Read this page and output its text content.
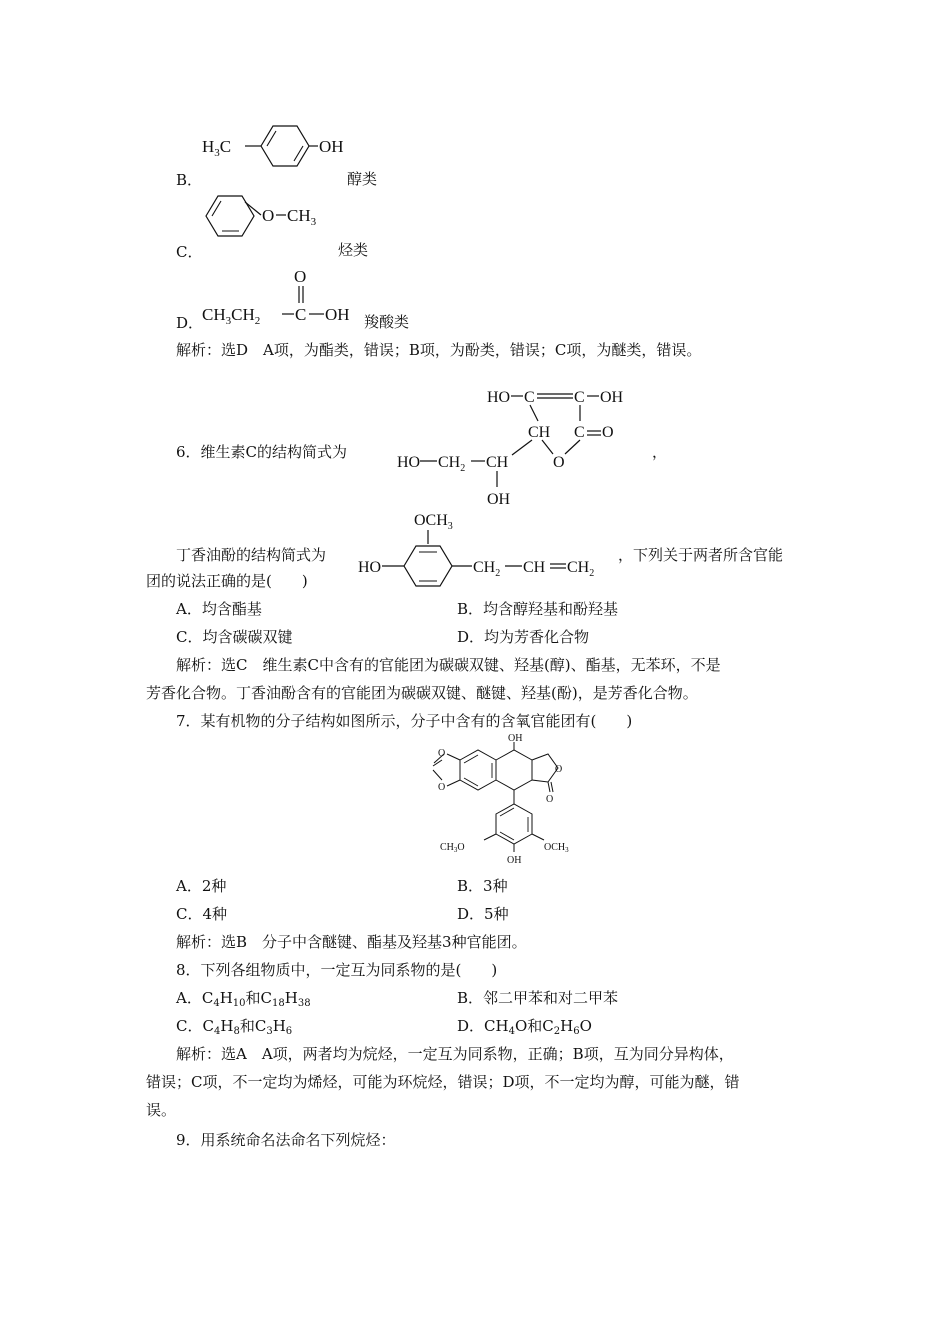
B．
$H_3C$	OH
醇类
C．
O $CH_3$
烃类
D．
$CH_3CH_2$ C
O
OH 羧酸类
解析：选D　A项，为酯类，错误；B项，为酚类，错误；C项，为醚类，错误。
6．维生素C的结构简式为
HO C C OH
CH C O
O
HO $CH_2$ CH
OH
，
丁香油酚的结构简式为
$OCH_3$
HO	$CH_2$ CH $CH_2$
，下列关于两者所含官能
团的说法正确的是(　　)
A．均含酯基	B．均含醇羟基和酚羟基
C．均含碳碳双键	D．均为芳香化合物
解析：选C　维生素C中含有的官能团为碳碳双键、羟基(醇)、酯基，无苯环，不是
芳香化合物。丁香油酚含有的官能团为碳碳双键、醚键、羟基(酚)，是芳香化合物。
7．某有机物的分子结构如图所示，分子中含有的含氧官能团有(　　)
O
O
OH
O
O
$CH_3O$	$OCH_3$
OH
A．2种	B．3种
C．4种	D．5种
解析：选B　分子中含醚键、酯基及羟基3种官能团。
8．下列各组物质中，一定互为同系物的是(　　)
A．$C_4H_{10}$和$C_{18}H_{38}$	B．邻二甲苯和对二甲苯
C．$C_4H_8$和$C_3H_6$	D．$CH_4O$和$C_2H_6O$
解析：选A　A项，两者均为烷烃，一定互为同系物，正确；B项，互为同分异构体，
错误；C项，不一定均为烯烃，可能为环烷烃，错误；D项，不一定均为醇，可能为醚，错
误。
9．用系统命名法命名下列烷烃：
